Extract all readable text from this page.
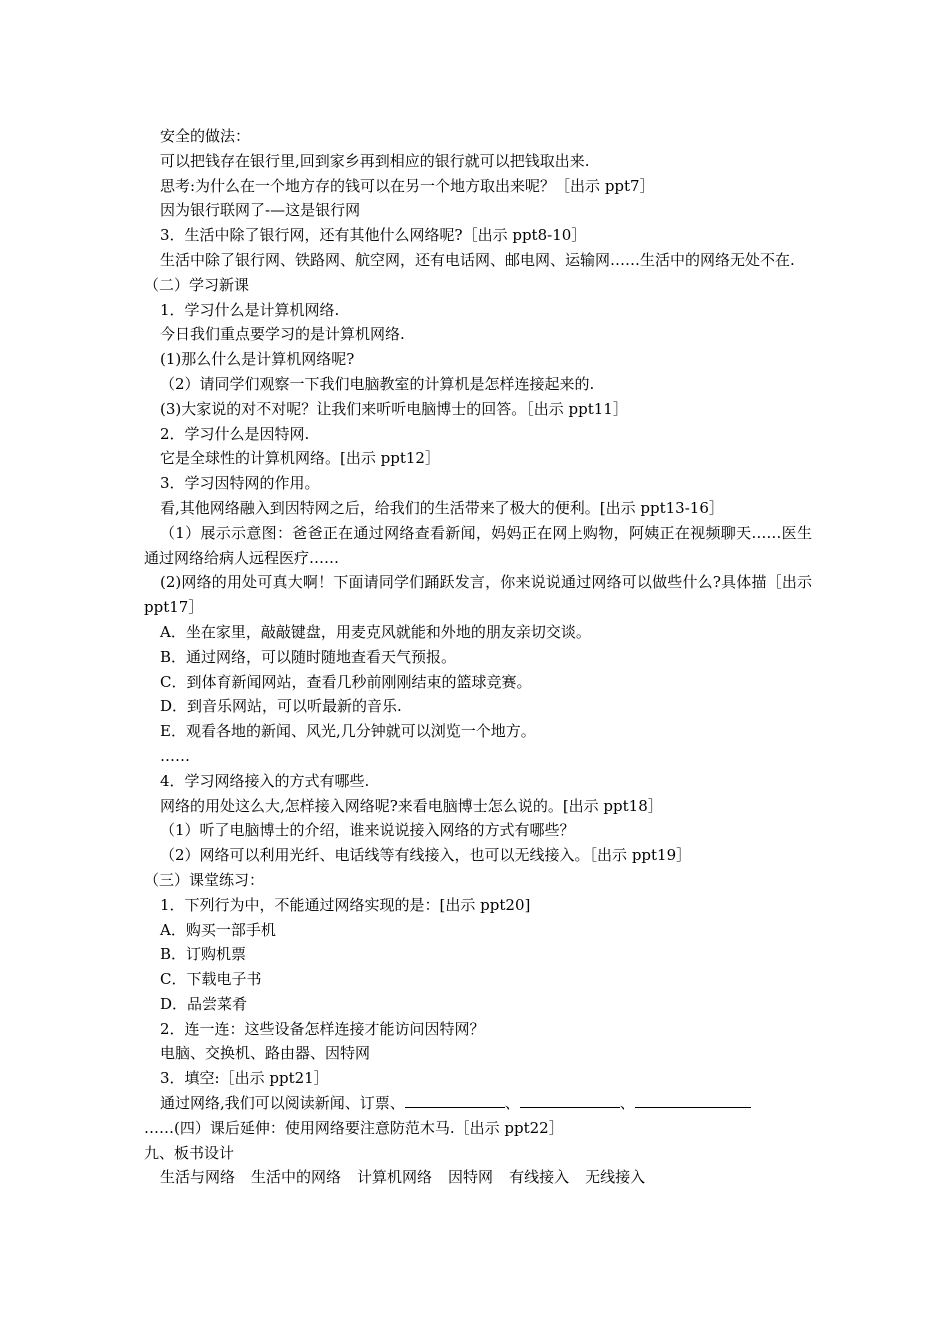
安全的做法：
可以把钱存在银行里,回到家乡再到相应的银行就可以把钱取出来.
思考:为什么在一个地方存的钱可以在另一个地方取出来呢？［出示 ppt7］
因为银行联网了-—这是银行网
3．生活中除了银行网，还有其他什么网络呢?［出示 ppt8-10］
生活中除了银行网、铁路网、航空网，还有电话网、邮电网、运输网……生活中的网络无处不在.
（二）学习新课
1．学习什么是计算机网络.
今日我们重点要学习的是计算机网络.
(1)那么什么是计算机网络呢?
（2）请同学们观察一下我们电脑教室的计算机是怎样连接起来的.
(3)大家说的对不对呢？让我们来听听电脑博士的回答。［出示 ppt11］
2．学习什么是因特网.
它是全球性的计算机网络。[出示 ppt12］
3．学习因特网的作用。
看,其他网络融入到因特网之后，给我们的生活带来了极大的便利。[出示 ppt13-16］
（1）展示示意图：爸爸正在通过网络查看新闻，妈妈正在网上购物，阿姨正在视频聊天……医生通过网络给病人远程医疗……
(2)网络的用处可真大啊！下面请同学们踊跃发言，你来说说通过网络可以做些什么?具体描［出示 ppt17］
A．坐在家里，敲敲键盘，用麦克风就能和外地的朋友亲切交谈。
B．通过网络，可以随时随地查看天气预报。
C．到体育新闻网站，查看几秒前刚刚结束的篮球竞赛。
D．到音乐网站，可以听最新的音乐.
E．观看各地的新闻、风光,几分钟就可以浏览一个地方。
……
4．学习网络接入的方式有哪些.
网络的用处这么大,怎样接入网络呢?来看电脑博士怎么说的。[出示 ppt18］
（1）听了电脑博士的介绍，谁来说说接入网络的方式有哪些？
（2）网络可以利用光纤、电话线等有线接入，也可以无线接入。［出示 ppt19］
（三）课堂练习：
1．下列行为中，不能通过网络实现的是：[出示 ppt20]
A．购买一部手机
B．订购机票
C．下载电子书
D．品尝菜肴
2．连一连：这些设备怎样连接才能访问因特网？
电脑、交换机、路由器、因特网
3．填空:［出示 ppt21］
通过网络,我们可以阅读新闻、订票、	、	、
……(四）课后延伸：使用网络要注意防范木马.［出示 ppt22］
九、板书设计
生活与网络 生活中的网络 计算机网络 因特网 有线接入 无线接入
